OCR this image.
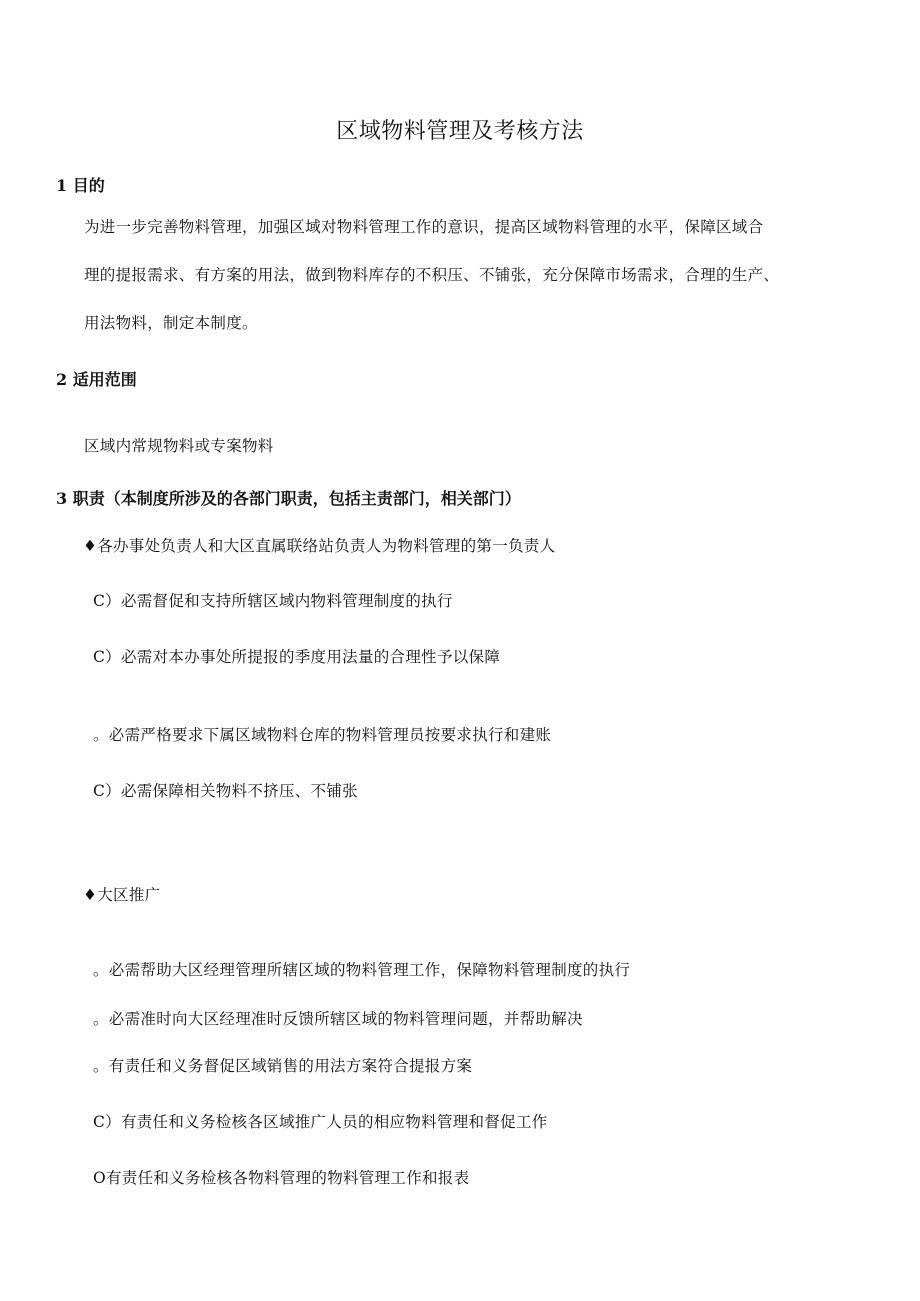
区域物料管理及考核方法
1 目的
为进一步完善物料管理，加强区域对物料管理工作的意识，提高区域物料管理的水平，保障区域合
理的提报需求、有方案的用法，做到物料库存的不积压、不铺张，充分保障市场需求，合理的生产、
用法物料，制定本制度。
2 适用范围
区域内常规物料或专案物料
3 职责（本制度所涉及的各部门职责，包括主责部门，相关部门）
♦各办事处负责人和大区直属联络站负责人为物料管理的第一负责人
C）必需督促和支持所辖区域内物料管理制度的执行
C）必需对本办事处所提报的季度用法量的合理性予以保障
。必需严格要求下属区域物料仓库的物料管理员按要求执行和建账
C）必需保障相关物料不挤压、不铺张
♦大区推广
。必需帮助大区经理管理所辖区域的物料管理工作，保障物料管理制度的执行
。必需准时向大区经理准时反馈所辖区域的物料管理问题，并帮助解决
。有责任和义务督促区域销售的用法方案符合提报方案
C）有责任和义务检核各区域推广人员的相应物料管理和督促工作
O有责任和义务检核各物料管理的物料管理工作和报表
